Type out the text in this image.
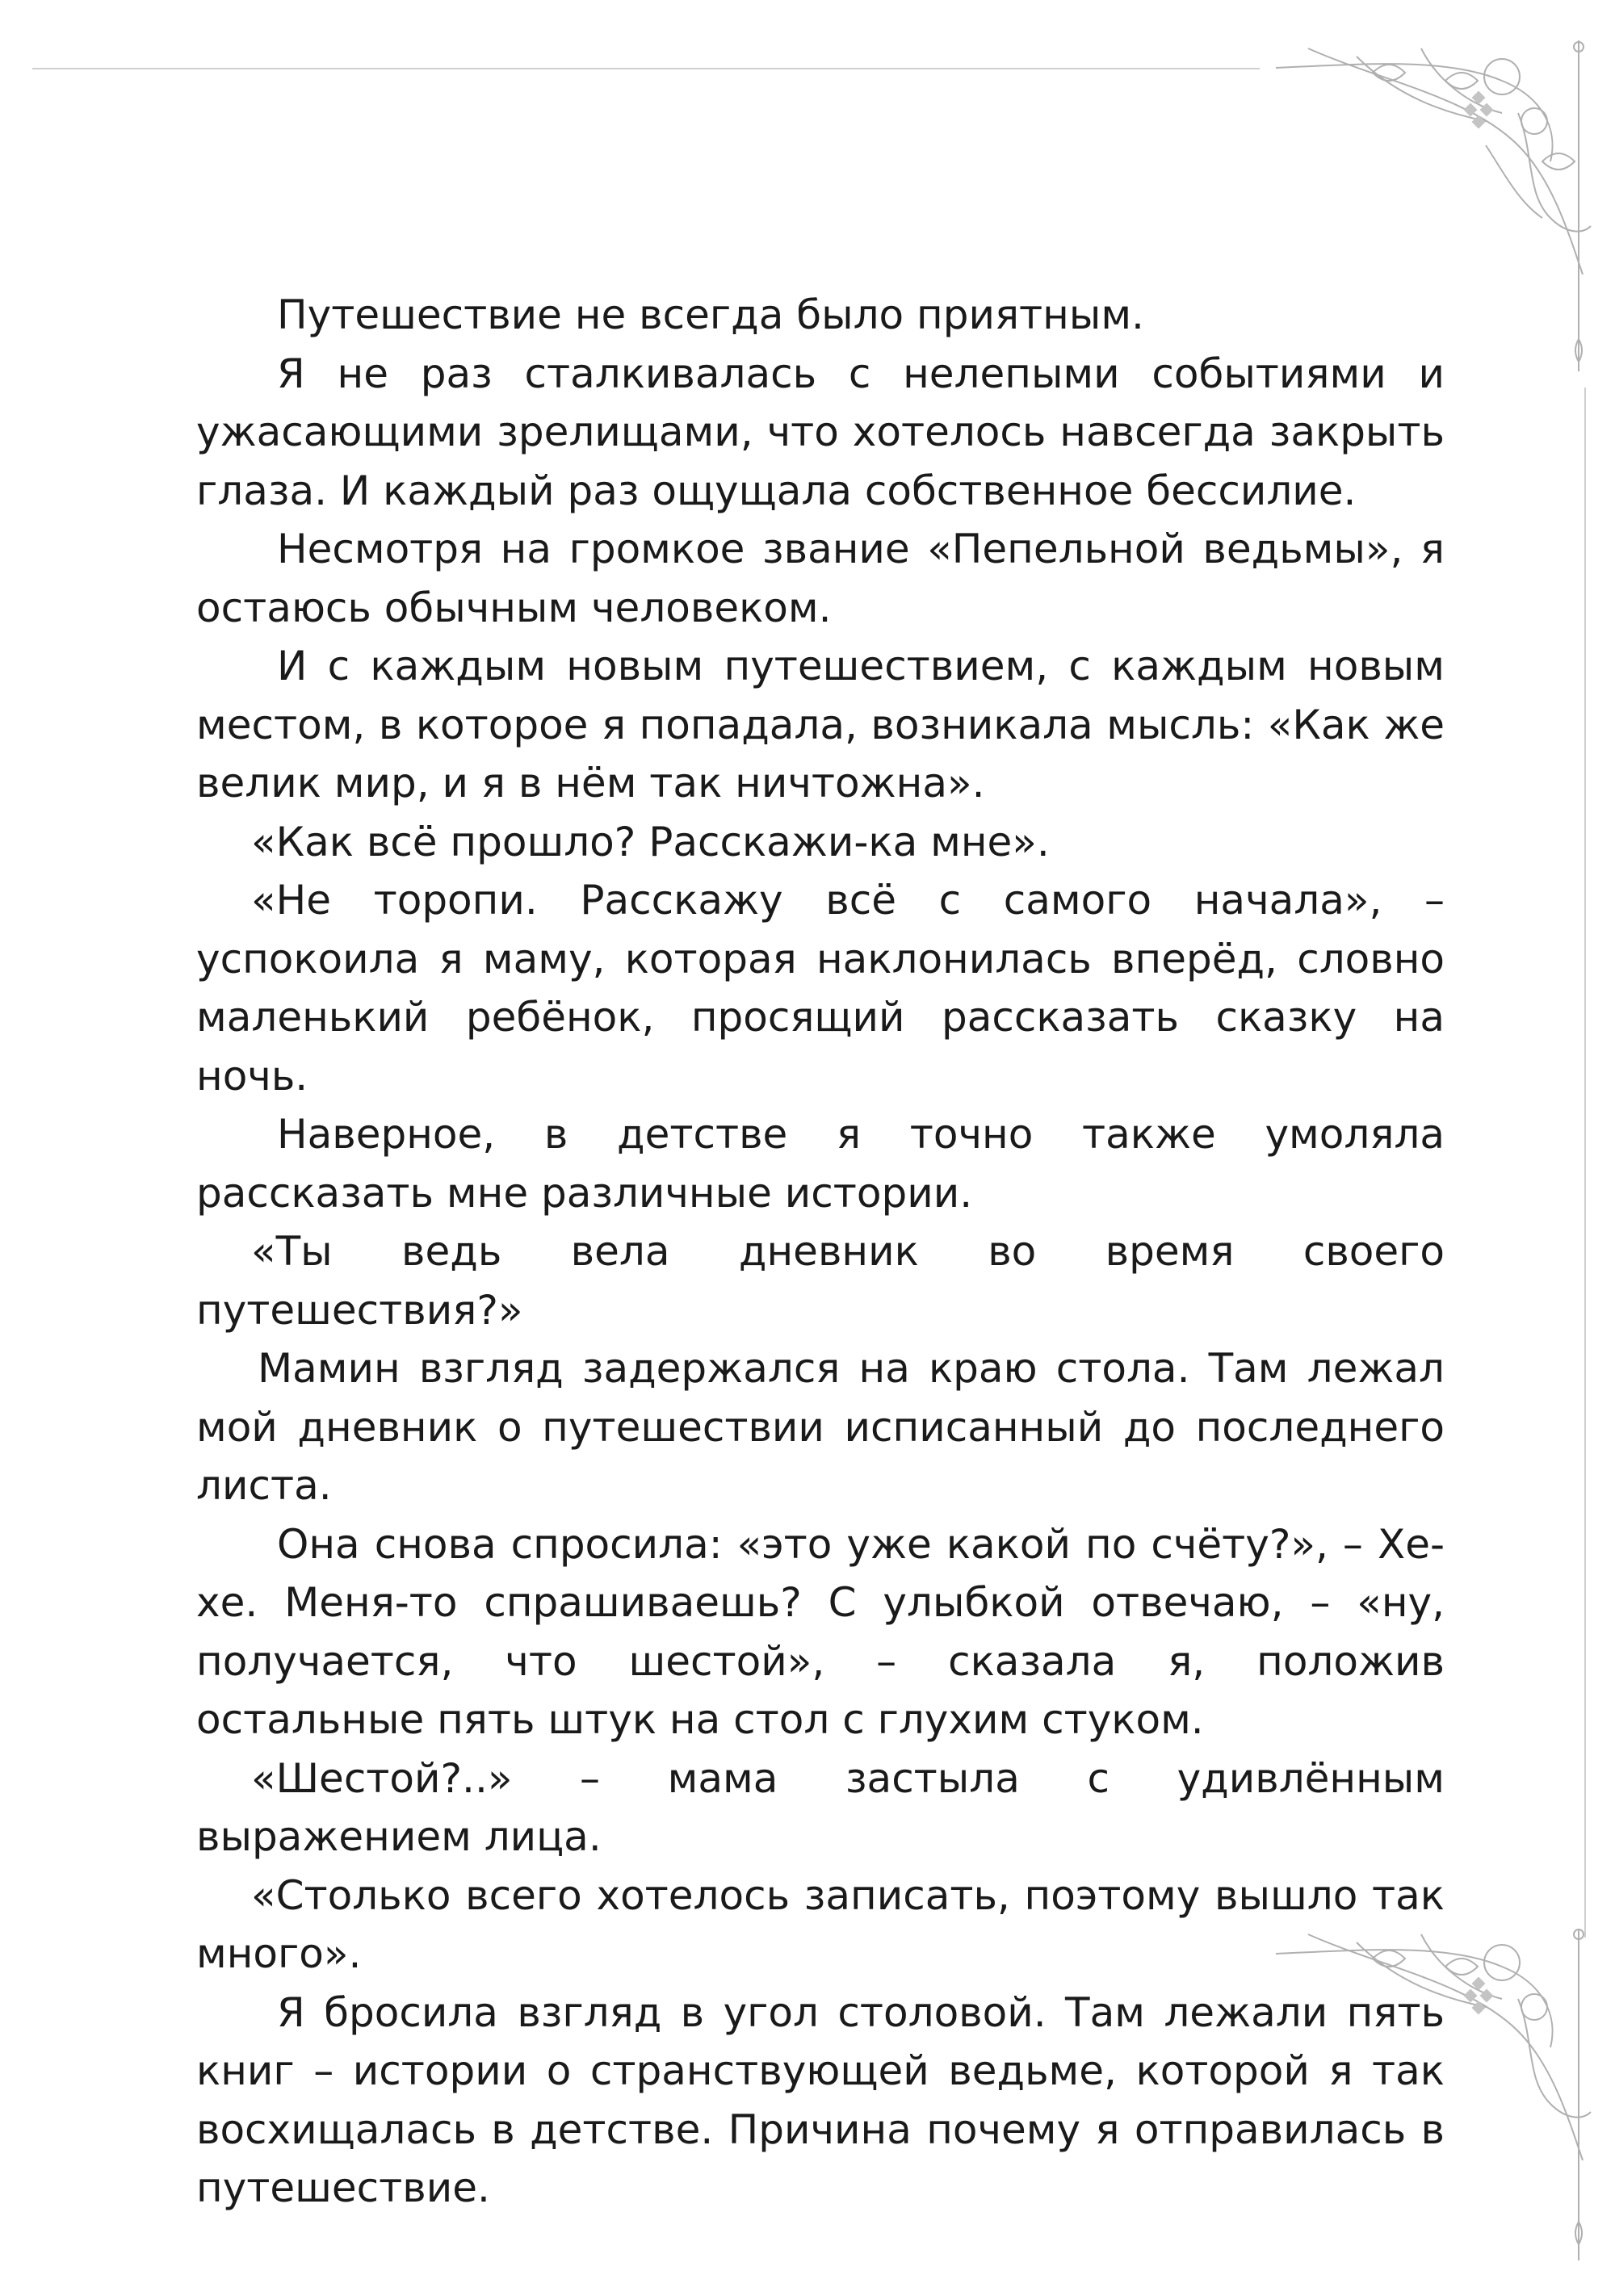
Путешествие не всегда было приятным.

Я не раз сталкивалась с нелепыми событиями и ужасающими зрелищами, что хотелось навсегда закрыть глаза. И каждый раз ощущала собственное бессилие.

Несмотря на громкое звание «Пепельной ведьмы», я остаюсь обычным человеком.

И с каждым новым путешествием, с каждым новым местом, в которое я попадала, возникала мысль: «Как же велик мир, и я в нём так ничтожна».

«Как всё прошло? Расскажи-ка мне».

«Не торопи. Расскажу всё с самого начала», – успокоила я маму, которая наклонилась вперёд, словно маленький ребёнок, просящий рассказать сказку на ночь.

Наверное, в детстве я точно также умоляла рассказать мне различные истории.

«Ты ведь вела дневник во время своего путешествия?»

Мамин взгляд задержался на краю стола. Там лежал мой дневник о путешествии исписанный до последнего листа.

Она снова спросила: «это уже какой по счёту?», – Хе-хе. Меня-то спрашиваешь? С улыбкой отвечаю, – «ну, получается, что шестой», – сказала я, положив остальные пять штук на стол с глухим стуком.

«Шестой?..» – мама застыла с удивлённым выражением лица.

«Столько всего хотелось записать, поэтому вышло так много».

Я бросила взгляд в угол столовой. Там лежали пять книг – истории о странствующей ведьме, которой я так восхищалась в детстве. Причина почему я отправилась в путешествие.
